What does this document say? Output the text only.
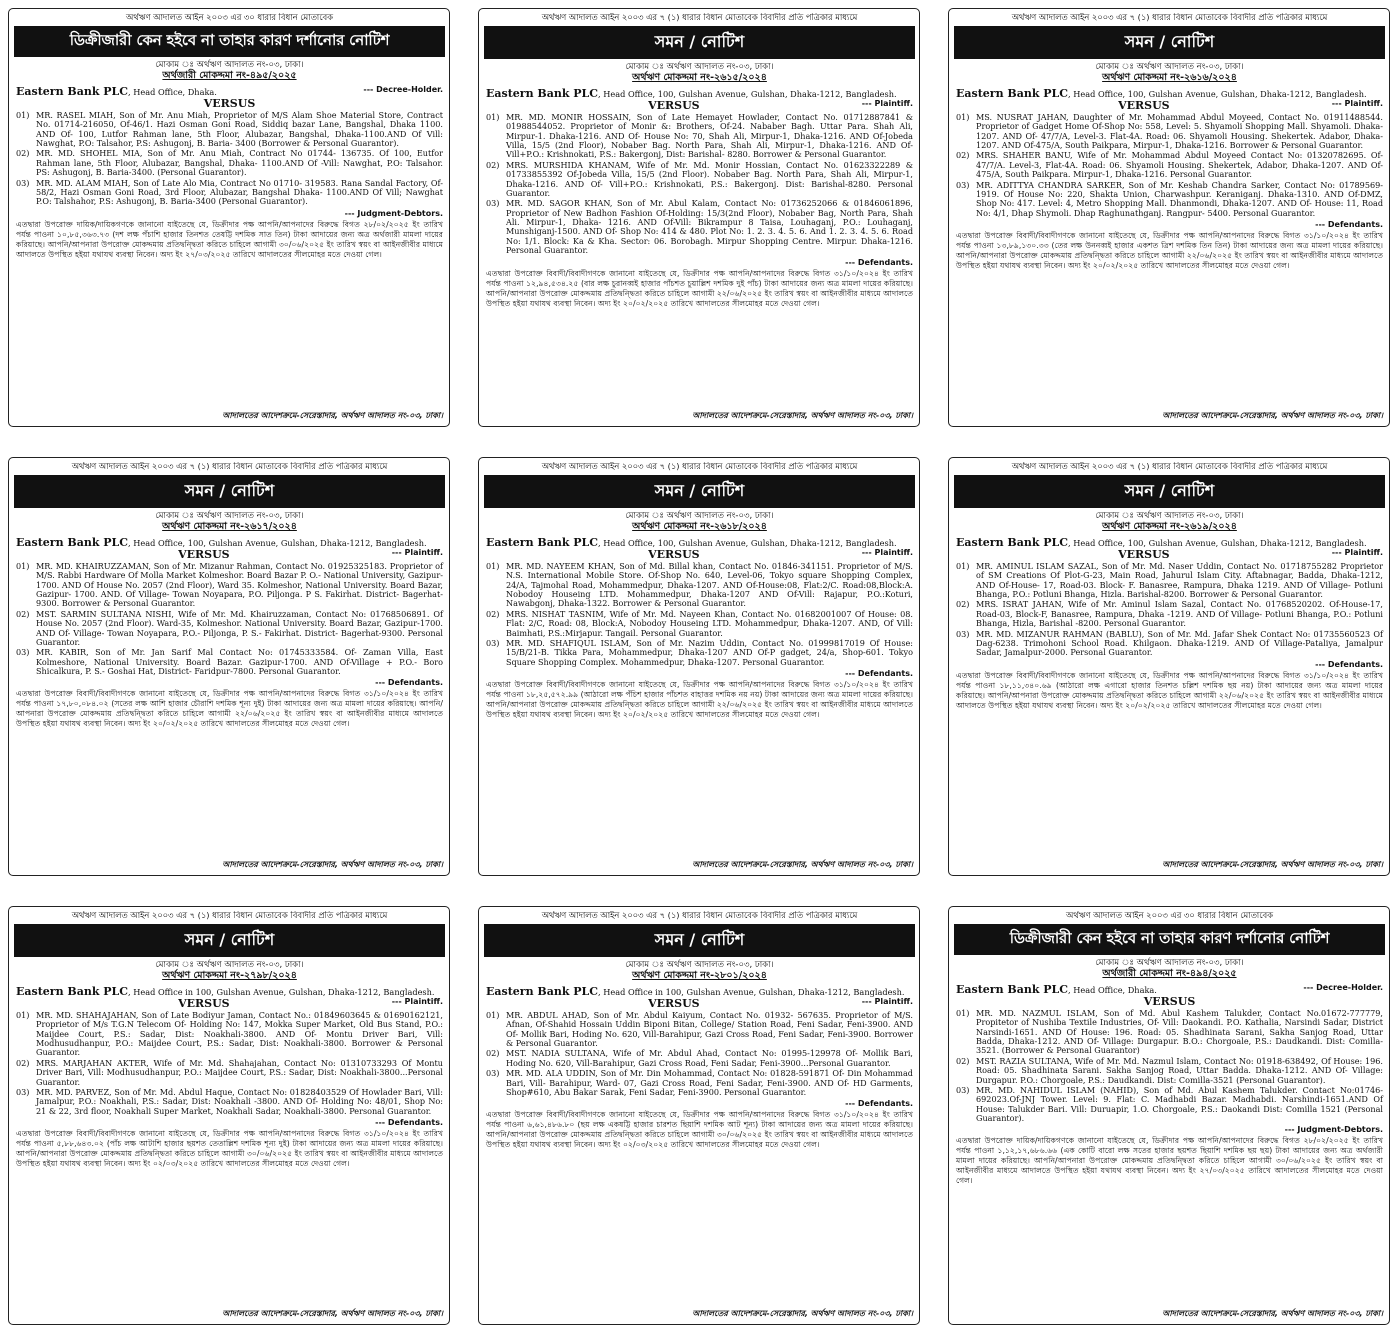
অর্থঋণ আদালত আইন ২০০৩ এর ৩০ ধারার বিধান মোতাবেক
ডিক্রীজারী কেন হইবে না তাহার কারণ দর্শানোর নোটিশ
মোকাম ঃ অর্থঋণ আদালত নং-০৩, ঢাকা।
অর্থজারী মোকদ্দমা নং-৪৯৫/২০২৫
--- Decree-Holder.
Eastern Bank PLC, Head Office, Dhaka.
VERSUS
01) MR. RASEL MIAH, Son of Mr. Anu Miah, Proprietor of M/S Alam Shoe Material Store, Contract No. 01714-216050, Of-46/1. Hazi Osman Goni Road, Siddiq bazar Lane, Bangshal, Dhaka 1100. AND Of- 100, Lutfor Rahman lane, 5th Floor, Alubazar, Bangshal, Dhaka-1100.AND Of Vill: Nawghat, P.O: Talsahor, P.S: Ashugonj, B. Baria- 3400 (Borrower & Personal Guarantor).
02) MR. MD. SHOHEL MIA, Son of Mr. Anu Miah, Contract No 01744- 136735. Of 100, Eutfor Rahman lane, 5th Floor, Alubazar, Bangshal, Dhaka- 1100.AND Of -Vill: Nawghat, P.O: Talsahor. PS: Ashugonj, B. Baria-3400. (Personal Guarantor).
03) MR. MD. ALAM MIAH, Son of Late Alo Mia, Contract No 01710- 319583. Rana Sandal Factory, Of- 58/2, Hazi Osman Goni Road, 3rd Floor, Alubazar, Bangshal Dhaka- 1100.AND Of Vill; Nawghat P.O: Talshahor, P.S: Ashugonj, B. Baria-3400 (Personal Guarantor).
--- Judgment-Debtors.
এতদ্বারা উপরোক্ত দায়িক/দায়িকগণকে জানানো যাইতেছে যে, ডিক্রীদার পক্ষ আপনি/আপনাদের বিরুদ্ধে বিগত ২৮/০২/২০২৫ ইং তারিখ পর্যন্ত পাওনা ১০,৮৫,৩৬৩.৭৩ (দশ লক্ষ পঁচাশি হাজার তিনশত তেষট্টি দশমিক সাত তিন) টাকা আদায়ের জন্য অত্র অর্থজারী মামলা দায়ের করিয়াছে। আপনি/আপনারা উপরোক্ত মোকদ্দমায় প্রতিদ্বন্দ্বিতা করিতে চাহিলে আগামী ৩০/০৬/২০২৫ ইং তারিখ স্বয়ং বা আইনজীবীর মাধ্যমে আদালতে উপস্থিত হইয়া যথাযথ ব্যবস্থা নিবেন। অদ্য ইং ২৭/০৩/২০২৫ তারিখে আদালতের সীলমোহর মতে দেওয়া গেল।
আদালতের আদেশক্রমে-সেরেস্তাদার, অর্থঋণ আদালত নং-০৩, ঢাকা।
অর্থঋণ আদালত আইন ২০০৩ এর ৭ (১) ধারার বিধান মোতাবেক বিবাদীর প্রতি পত্রিকার মাধ্যমে
সমন / নোটিশ
মোকাম ঃ অর্থঋণ আদালত নং-০৩, ঢাকা।
অর্থঋণ মোকদ্দমা নং-২৬১৫/২০২৪
Eastern Bank PLC, Head Office, 100, Gulshan Avenue, Gulshan, Dhaka-1212, Bangladesh.
--- Plaintiff.
VERSUS
01) MR. MD. MONIR HOSSAIN, Son of Late Hemayet Howlader, Contact No. 01712887841 & 01988544052. Proprietor of Monir &: Brothers, Of-24. Nababer Bagh. Uttar Para. Shah Ali, Mirpur-1. Dhaka-1216. AND Of- House No: 70, Shah Ali, Mirpur-1, Dhaka-1216. AND Of-Jobeda Villa, 15/5 (2nd Floor), Nobaber Bag. North Para, Shah Ali, Mirpur-1, Dhaka-1216. AND Of-Vill+P.O.: Krishnokati, P.S.: Bakergonj, Dist: Barishal- 8280. Borrower & Personal Guarantor.
02) MRS. MURSHIDA KHANAM, Wife of Mr. Md. Monir Hossian, Contact No. 01623322289 & 01733855392 Of-Jobeda Villa, 15/5 (2nd Floor). Nobaber Bag. North Para, Shah Ali, Mirpur-1, Dhaka-1216. AND Of- Vill+P.O.: Krishnokati, P.S.: Bakergonj. Dist: Barishal-8280. Personal Guarantor.
03) MR. MD. SAGOR KHAN, Son of Mr. Abul Kalam, Contact No: 01736252066 & 01846061896, Proprietor of New Badhon Fashion Of-Holding: 15/3(2nd Floor), Nobaber Bag, North Para, Shah Ali. Mirpur-1, Dhaka- 1216. AND Of-Vill: Bikrampur 8 Taisa, Louhaganj, P.O.: Louhaganj, Munshiganj-1500. AND Of- Shop No: 414 & 480. Plot No: 1. 2. 3. 4. 5. 6. And 1. 2. 3. 4. 5. 6. Road No: 1/1. Block: Ka & Kha. Sector: 06. Borobagh. Mirpur Shopping Centre. Mirpur. Dhaka-1216. Personal Guarantor.
--- Defendants.
এতদ্বারা উপরোক্ত বিবাদী/বিবাদীগণকে জানানো যাইতেছে যে, ডিক্রীদার পক্ষ আপনি/আপনাদের বিরুদ্ধে বিগত ৩১/১০/২০২৪ ইং তারিখ পর্যন্ত পাওনা ১২,৯৪,৫৩৪.২৫ (বার লক্ষ চুরানব্বই হাজার পাঁচশত চুয়াল্লিশ দশমিক দুই পাঁচ) টাকা আদায়ের জন্য অত্র মামলা দায়ের করিয়াছে। আপনি/আপনারা উপরোক্ত মোকদ্দমায় প্রতিদ্বন্দ্বিতা করিতে চাহিলে আগামী ২২/০৬/২০২৫ ইং তারিখ স্বয়ং বা আইনজীবীর মাধ্যমে আদালতে উপস্থিত হইয়া যথাযথ ব্যবস্থা নিবেন। অদ্য ইং ২০/০২/২০২৫ তারিখে আদালতের সীলমোহর মতে দেওয়া গেল।
আদালতের আদেশক্রমে-সেরেস্তাদার, অর্থঋণ আদালত নং-০৩, ঢাকা।
অর্থঋণ আদালত আইন ২০০৩ এর ৭ (১) ধারার বিধান মোতাবেক বিবাদীর প্রতি পত্রিকার মাধ্যমে
সমন / নোটিশ
মোকাম ঃ অর্থঋণ আদালত নং-০৩, ঢাকা।
অর্থঋণ মোকদ্দমা নং-২৬১৬/২০২৪
Eastern Bank PLC, Head Office, 100, Gulshan Avenue, Gulshan, Dhaka-1212, Bangladesh.
--- Plaintiff.
VERSUS
01) MS. NUSRAT JAHAN, Daughter of Mr. Mohammad Abdul Moyeed, Contact No. 01911488544. Proprietor of Gadget Home Of-Shop No: 558, Level: 5. Shyamoli Shopping Mall. Shyamoli. Dhaka-1207. AND Of- 47/7/A, Level-3. Flat-4A. Road: 06. Shyamoli Housing. Shekertek. Adabor, Dhaka-1207. AND Of-475/A, South Paikpara, Mirpur-1, Dhaka-1216. Borrower & Personal Guarantor.
02) MRS. SHAHER BANU, Wife of Mr. Mohammad Abdul Moyeed Contact No: 01320782695. Of-47/7/A. Level-3, Flat-4A. Road: 06. Shyamoli Housing. Shekertek, Adabor, Dhaka-1207. AND Of-475/A, South Paikpara. Mirpur-1, Dhaka-1216. Personal Guarantor.
03) MR. ADITTYA CHANDRA SARKER, Son of Mr. Keshab Chandra Sarker, Contact No: 01789569-1919. Of House No: 220, Shakta Union, Charwashpur. Keraniganj. Dhaka-1310. AND Of-DMZ, Shop No: 417. Level: 4, Metro Shopping Mall. Dhanmondi, Dhaka-1207. AND Of- House: 11, Road No: 4/1, Dhap Shymoli. Dhap Raghunathganj. Rangpur- 5400. Personal Guarantor.
--- Defendants.
এতদ্বারা উপরোক্ত বিবাদী/বিবাদীগণকে জানানো যাইতেছে যে, ডিক্রীদার পক্ষ আপনি/আপনাদের বিরুদ্ধে বিগত ৩১/১০/২০২৪ ইং তারিখ পর্যন্ত পাওনা ১৩,৮৯,১৩০.৩৩ (তের লক্ষ উননব্বই হাজার একশত ত্রিশ দশমিক তিন তিন) টাকা আদায়ের জন্য অত্র মামলা দায়ের করিয়াছে। আপনি/আপনারা উপরোক্ত মোকদ্দমায় প্রতিদ্বন্দ্বিতা করিতে চাহিলে আগামী ২২/০৬/২০২৫ ইং তারিখ স্বয়ং বা আইনজীবীর মাধ্যমে আদালতে উপস্থিত হইয়া যথাযথ ব্যবস্থা নিবেন। অদ্য ইং ২০/০২/২০২৫ তারিখে আদালতের সীলমোহর মতে দেওয়া গেল।
আদালতের আদেশক্রমে-সেরেস্তাদার, অর্থঋণ আদালত নং-০৩, ঢাকা।
অর্থঋণ আদালত আইন ২০০৩ এর ৭ (১) ধারার বিধান মোতাবেক বিবাদীর প্রতি পত্রিকার মাধ্যমে
সমন / নোটিশ
মোকাম ঃ অর্থঋণ আদালত নং-০৩, ঢাকা।
অর্থঋণ মোকদ্দমা নং-২৬১৭/২০২৪
Eastern Bank PLC, Head Office, 100, Gulshan Avenue, Gulshan, Dhaka-1212, Bangladesh.
--- Plaintiff.
VERSUS
01) MR. MD. KHAIRUZZAMAN, Son of Mr. Mizanur Rahman, Contact No. 01925325183. Proprietor of M/S. Rabbi Hardware Of Molla Market Kolmeshor. Board Bazar P. O.- National University, Gazipur- 1700. AND Of House No. 2057 (2nd Floor), Ward 35. Kolmeshor, National University. Board Bazar, Gazipur- 1700. AND. Of Village- Towan Noyapara, P.O. Piljonga. P S. Fakirhat. District- Bagerhat- 9300. Borrower & Personal Guarantor.
02) MST. SARMIN SULTANA NISHI, Wife of Mr. Md. Khairuzzaman, Contact No: 01768506891. Of House No. 2057 (2nd Floor). Ward-35, Kolmeshor. National University. Board Bazar, Gazipur-1700. AND Of- Village- Towan Noyapara, P.O.- Piljonga, P. S.- Fakirhat. District- Bagerhat-9300. Personal Guarantor.
03) MR. KABIR, Son of Mr. Jan Sarif Mal Contact No: 01745333584. Of- Zaman Villa, East Kolmeshore, National University. Board Bazar. Gazipur-1700. AND Of-Village + P.O.- Boro Shicalkura, P. S.- Goshai Hat, District- Faridpur-7800. Personal Guarantor.
--- Defendants.
এতদ্বারা উপরোক্ত বিবাদী/বিবাদীগণকে জানানো যাইতেছে যে, ডিক্রীদার পক্ষ আপনি/আপনাদের বিরুদ্ধে বিগত ৩১/১০/২০২৪ ইং তারিখ পর্যন্ত পাওনা ১৭,৮০,০৮৪.০২ (সতের লক্ষ আশি হাজার চৌরাশি দশমিক শূন্য দুই) টাকা আদায়ের জন্য অত্র মামলা দায়ের করিয়াছে। আপনি/আপনারা উপরোক্ত মোকদ্দমায় প্রতিদ্বন্দ্বিতা করিতে চাহিলে আগামী ২২/০৬/২০২৫ ইং তারিখ স্বয়ং বা আইনজীবীর মাধ্যমে আদালতে উপস্থিত হইয়া যথাযথ ব্যবস্থা নিবেন। অদ্য ইং ২০/০২/২০২৫ তারিখে আদালতের সীলমোহর মতে দেওয়া গেল।
আদালতের আদেশক্রমে-সেরেস্তাদার, অর্থঋণ আদালত নং-০৩, ঢাকা।
অর্থঋণ আদালত আইন ২০০৩ এর ৭ (১) ধারার বিধান মোতাবেক বিবাদীর প্রতি পত্রিকার মাধ্যমে
সমন / নোটিশ
মোকাম ঃ অর্থঋণ আদালত নং-০৩, ঢাকা।
অর্থঋণ মোকদ্দমা নং-২৬১৮/২০২৪
Eastern Bank PLC, Head Office, 100, Gulshan Avenue, Gulshan, Dhaka-1212, Bangladesh.
--- Plaintiff.
VERSUS
01) MR. MD. NAYEEM KHAN, Son of Md. Billal khan, Contact No. 01846-341151. Proprietor of M/S. N.S. International Mobile Store. Of-Shop No. 640, Level-06, Tokyo square Shopping Complex, 24/A, Tajmohal Road, Mohammedpur, Dhaka-1207. AND Of-House:08, Flat:2/C. Road:08,Block:A. Nobodoy Houseing LTD. Mohammedpur, Dhaka-1207 AND Of-Vill: Rajapur, P.O.:Koturi, Nawabgonj, Dhaka-1322. Borrower & Personal Guarantor.
02) MRS. NISHAT TASNIM, Wife of Mr. Md. Nayeen Khan, Contact No. 01682001007 Of House: 08. Flat: 2/C, Road: 08, Block:A, Nobodoy Houseing LTD. Mohammedpur, Dhaka-1207. AND, Of Vill: Baimhati, P.S.:Mirjapur. Tangail. Personal Guarantor.
03) MR. MD. SHAFIQUL ISLAM, Son of Mr. Nazim Uddin, Contact No. 01999817019 Of House: 15/B/21-B. Tikka Para, Mohammedpur, Dhaka-1207 AND Of-P gadget, 24/a, Shop-601. Tokyo Square Shopping Complex. Mohammedpur, Dhaka-1207. Personal Guarantor.
--- Defendants.
এতদ্বারা উপরোক্ত বিবাদী/বিবাদীগণকে জানানো যাইতেছে যে, ডিক্রীদার পক্ষ আপনি/আপনাদের বিরুদ্ধে বিগত ৩১/১০/২০২৪ ইং তারিখ পর্যন্ত পাওনা ১৮,২৫,৫৭২.৯৯ (আঠারো লক্ষ পঁচিশ হাজার পাঁচশত বাহাত্তর দশমিক নয় নয়) টাকা আদায়ের জন্য অত্র মামলা দায়ের করিয়াছে। আপনি/আপনারা উপরোক্ত মোকদ্দমায় প্রতিদ্বন্দ্বিতা করিতে চাহিলে আগামী ২২/০৬/২০২৫ ইং তারিখ স্বয়ং বা আইনজীবীর মাধ্যমে আদালতে উপস্থিত হইয়া যথাযথ ব্যবস্থা নিবেন। অদ্য ইং ২০/০২/২০২৫ তারিখে আদালতের সীলমোহর মতে দেওয়া গেল।
আদালতের আদেশক্রমে-সেরেস্তাদার, অর্থঋণ আদালত নং-০৩, ঢাকা।
অর্থঋণ আদালত আইন ২০০৩ এর ৭ (১) ধারার বিধান মোতাবেক বিবাদীর প্রতি পত্রিকার মাধ্যমে
সমন / নোটিশ
মোকাম ঃ অর্থঋণ আদালত নং-০৩, ঢাকা।
অর্থঋণ মোকদ্দমা নং-২৬১৯/২০২৪
Eastern Bank PLC, Head Office, 100, Gulshan Avenue, Gulshan, Dhaka-1212, Bangladesh.
--- Plaintiff.
VERSUS
01) MR. AMINUL ISLAM SAZAL, Son of Mr. Md. Naser Uddin, Contact No. 01718755282 Proprietor of SM Creations Of Plot-G-23, Main Road, Jahurul Islam City. Aftabnagar, Badda, Dhaka-1212, AND Of-House- 17, Road-03. Block- F. Banasree, Rampura, Dhaka 1219. AND Of Village- Potluni Bhanga, P.O.: Potluni Bhanga, Hizla. Barishal-8200. Borrower & Personal Guarantor.
02) MRS. ISRAT JAHAN, Wife of Mr. Aminul Islam Sazal, Contact No. 01768520202. Of-House-17, Road-03, Block-F, Banasree, Rampura, Dhaka -1219. AND Of Village- Potluni Bhanga, P.O.: Potluni Bhanga, Hizla, Barishal -8200. Personal Guarantor.
03) MR. MD. MIZANUR RAHMAN (BABLU), Son of Mr. Md. Jafar Shek Contact No: 01735560523 Of Dag-6238. Trimohoni School Road. Khilgaon. Dhaka-1219. AND Of Village-Pataliya, Jamalpur Sadar, Jamalpur-2000. Personal Guarantor.
--- Defendants.
এতদ্বারা উপরোক্ত বিবাদী/বিবাদীগণকে জানানো যাইতেছে যে, ডিক্রীদার পক্ষ আপনি/আপনাদের বিরুদ্ধে বিগত ৩১/১০/২০২৪ ইং তারিখ পর্যন্ত পাওনা ১৮,১১,৩৪০.৬৯ (আঠারো লক্ষ এগারো হাজার তিনশত চল্লিশ দশমিক ছয় নয়) টাকা আদায়ের জন্য অত্র মামলা দায়ের করিয়াছে। আপনি/আপনারা উপরোক্ত মোকদ্দমায় প্রতিদ্বন্দ্বিতা করিতে চাহিলে আগামী ২২/০৬/২০২৫ ইং তারিখ স্বয়ং বা আইনজীবীর মাধ্যমে আদালতে উপস্থিত হইয়া যথাযথ ব্যবস্থা নিবেন। অদ্য ইং ২০/০২/২০২৫ তারিখে আদালতের সীলমোহর মতে দেওয়া গেল।
আদালতের আদেশক্রমে-সেরেস্তাদার, অর্থঋণ আদালত নং-০৩, ঢাকা।
অর্থঋণ আদালত আইন ২০০৩ এর ৭ (১) ধারার বিধান মোতাবেক বিবাদীর প্রতি পত্রিকার মাধ্যমে
সমন / নোটিশ
মোকাম ঃ অর্থঋণ আদালত নং-০৩, ঢাকা।
অর্থঋণ মোকদ্দমা নং-২৭৯৮/২০২৪
Eastern Bank PLC, Head Office in 100, Gulshan Avenue, Gulshan, Dhaka-1212, Bangladesh.
--- Plaintiff.
VERSUS
01) MR. MD. SHAHAJAHAN, Son of Late Bodiyur Jaman, Contact No.: 01849603645 & 01690162121, Proprietor of M/s T.G.N Telecom Of- Holding No: 147, Mokka Super Market, Old Bus Stand, P.O.: Maijdee Court, P.S.: Sadar, Dist: Noakhali-3800. AND Of- Montu Driver Bari, Vill: Modhusudhanpur, P.O.: Maijdee Court, P.S.: Sadar, Dist: Noakhali-3800. Borrower & Personal Guarantor.
02) MRS. MARJAHAN AKTER, Wife of Mr. Md. Shahajahan, Contact No: 01310733293 Of Montu Driver Bari, Vill: Modhusudhanpur, P.O.: Maijdee Court, P.S.: Sadar, Dist: Noakhali-3800...Personal Guarantor.
03) MR. MD. PARVEZ, Son of Mr. Md. Abdul Haque, Contact No: 01828403529 Of Howlader Bari, Vill: Jamalpur, P.O.: Noakhali, P.S.: Sadar, Dist: Noakhali -3800. AND Of- Holding No: 48/01, Shop No: 21 & 22, 3rd floor, Noakhali Super Market, Noakhali Sadar, Noakhali-3800. Personal Guarantor.
--- Defendants.
এতদ্বারা উপরোক্ত বিবাদী/বিবাদীগণকে জানানো যাইতেছে যে, ডিক্রীদার পক্ষ আপনি/আপনাদের বিরুদ্ধে বিগত ৩১/১০/২০২৪ ইং তারিখ পর্যন্ত পাওনা ৫,৮৮,৬৪৩.০২ (পাঁচ লক্ষ আটাশি হাজার ছয়শত তেতাল্লিশ দশমিক শূন্য দুই) টাকা আদায়ের জন্য অত্র মামলা দায়ের করিয়াছে। আপনি/আপনারা উপরোক্ত মোকদ্দমায় প্রতিদ্বন্দ্বিতা করিতে চাহিলে আগামী ৩০/০৬/২০২৫ ইং তারিখ স্বয়ং বা আইনজীবীর মাধ্যমে আদালতে উপস্থিত হইয়া যথাযথ ব্যবস্থা নিবেন। অদ্য ইং ০২/০৩/২০২৫ তারিখে আদালতের সীলমোহর মতে দেওয়া গেল।
আদালতের আদেশক্রমে-সেরেস্তাদার, অর্থঋণ আদালত নং-০৩, ঢাকা।
অর্থঋণ আদালত আইন ২০০৩ এর ৭ (১) ধারার বিধান মোতাবেক বিবাদীর প্রতি পত্রিকার মাধ্যমে
সমন / নোটিশ
মোকাম ঃ অর্থঋণ আদালত নং-০৩, ঢাকা।
অর্থঋণ মোকদ্দমা নং-২৮০১/২০২৪
Eastern Bank PLC, Head Office in 100, Gulshan Avenue, Gulshan, Dhaka-1212, Bangladesh.
--- Plaintiff.
VERSUS
01) MR. ABDUL AHAD, Son of Mr. Abdul Kaiyum, Contact No. 01932- 567635. Proprietor of M/S. Afnan, Of-Shahid Hossain Uddin Biponi Bitan, College/ Station Road, Feni Sadar, Feni-3900. AND Of- Mollik Bari, Hoding No. 620, Vill-Barahipur, Gazi Cross Road, Feni Sadar, Feni-3900. Borrower & Personal Guarantor.
02) MST. NADIA SULTANA, Wife of Mr. Abdul Ahad, Contact No: 01995-129978 Of- Mollik Bari, Hoding No. 620, Vill-Barahipur, Gazi Cross Road, Feni Sadar, Feni-3900...Personal Guarantor.
03) MR. MD. ALA UDDIN, Son of Mr. Din Mohammad, Contact No: 01828-591871 Of- Din Mohammad Bari, Vill- Barahipur, Ward- 07, Gazi Cross Road, Feni Sadar, Feni-3900. AND Of- HD Garments, Shop#610, Abu Bakar Sarak, Feni Sadar, Feni-3900. Personal Guarantor.
--- Defendants.
এতদ্বারা উপরোক্ত বিবাদী/বিবাদীগণকে জানানো যাইতেছে যে, ডিক্রীদার পক্ষ আপনি/আপনাদের বিরুদ্ধে বিগত ৩১/১০/২০২৪ ইং তারিখ পর্যন্ত পাওনা ৬,৬১,৪৮৬.৮০ (ছয় লক্ষ একষট্টি হাজার চারশত ছিয়াশি দশমিক আট শূন্য) টাকা আদায়ের জন্য অত্র মামলা দায়ের করিয়াছে। আপনি/আপনারা উপরোক্ত মোকদ্দমায় প্রতিদ্বন্দ্বিতা করিতে চাহিলে আগামী ৩০/০৬/২০২৫ ইং তারিখ স্বয়ং বা আইনজীবীর মাধ্যমে আদালতে উপস্থিত হইয়া যথাযথ ব্যবস্থা নিবেন। অদ্য ইং ০২/০৩/২০২৫ তারিখে আদালতের সীলমোহর মতে দেওয়া গেল।
আদালতের আদেশক্রমে-সেরেস্তাদার, অর্থঋণ আদালত নং-০৩, ঢাকা।
অর্থঋণ আদালত আইন ২০০৩ এর ৩০ ধারার বিধান মোতাবেক
ডিক্রীজারী কেন হইবে না তাহার কারণ দর্শানোর নোটিশ
মোকাম ঃ অর্থঋণ আদালত নং-০৩, ঢাকা।
অর্থজারী মোকদ্দমা নং-৪৯৪/২০২৫
--- Decree-Holder.
Eastern Bank PLC, Head Office, Dhaka.
VERSUS
01) MR. MD. NAZMUL ISLAM, Son of Md. Abul Kashem Talukder, Contact No.01672-777779, Propitetor of Nushiba Textile Industries, Of- Vill: Daokandi. P.O. Kathalia, Narsindi Sadar, District Narsindi-1651. AND Of House: 196. Road: 05. Shadhinata Sarani, Sakha Sanjog Road, Uttar Badda, Dhaka-1212. AND Of- Village: Durgapur. B.O.: Chorgoale, P.S.: Daudkandi. Dist: Comilla-3521. (Borrower & Personal Guarantor)
02) MST. RAZIA SULTANA, Wife of Mr. Md. Nazmul Islam, Contact No: 01918-638492, Of House: 196. Road: 05. Shadhinata Sarani. Sakha Sanjog Road, Uttar Badda. Dhaka-1212. AND Of- Village: Durgapur. P.O.: Chorgoale, P.S.: Daudkandi. Dist: Comilla-3521 (Personal Guarantor).
03) MR. MD. NAHIDUL ISLAM (NAHID), Son of Md. Abul Kashem Talukder. Contact No:01746-692023.Of-JNJ Tower. Level: 9. Flat: C. Madhabdi Bazar. Madhabdi. Narshindi-1651.AND Of House: Talukder Bari. Vill: Duruapir, 1.O. Chorgoale, P.S.: Daokandi Dist: Comilla 1521 (Personal Guarantor).
--- Judgment-Debtors.
এতদ্বারা উপরোক্ত দায়িক/দায়িকগণকে জানানো যাইতেছে যে, ডিক্রীদার পক্ষ আপনি/আপনাদের বিরুদ্ধে বিগত ২৮/০২/২০২৫ ইং তারিখ পর্যন্ত পাওনা ১,১২,১৭,৬৮৬.৬৬ (এক কোটি বারো লক্ষ সতের হাজার ছয়শত ছিয়াশি দশমিক ছয় ছয়) টাকা আদায়ের জন্য অত্র অর্থজারী মামলা দায়ের করিয়াছে। আপনি/আপনারা উপরোক্ত মোকদ্দমায় প্রতিদ্বন্দ্বিতা করিতে চাহিলে আগামী ৩০/০৬/২০২৫ ইং তারিখ স্বয়ং বা আইনজীবীর মাধ্যমে আদালতে উপস্থিত হইয়া যথাযথ ব্যবস্থা নিবেন। অদ্য ইং ২৭/০৩/২০২৫ তারিখে আদালতের সীলমোহর মতে দেওয়া গেল।
আদালতের আদেশক্রমে-সেরেস্তাদার, অর্থঋণ আদালত নং-০৩, ঢাকা।
